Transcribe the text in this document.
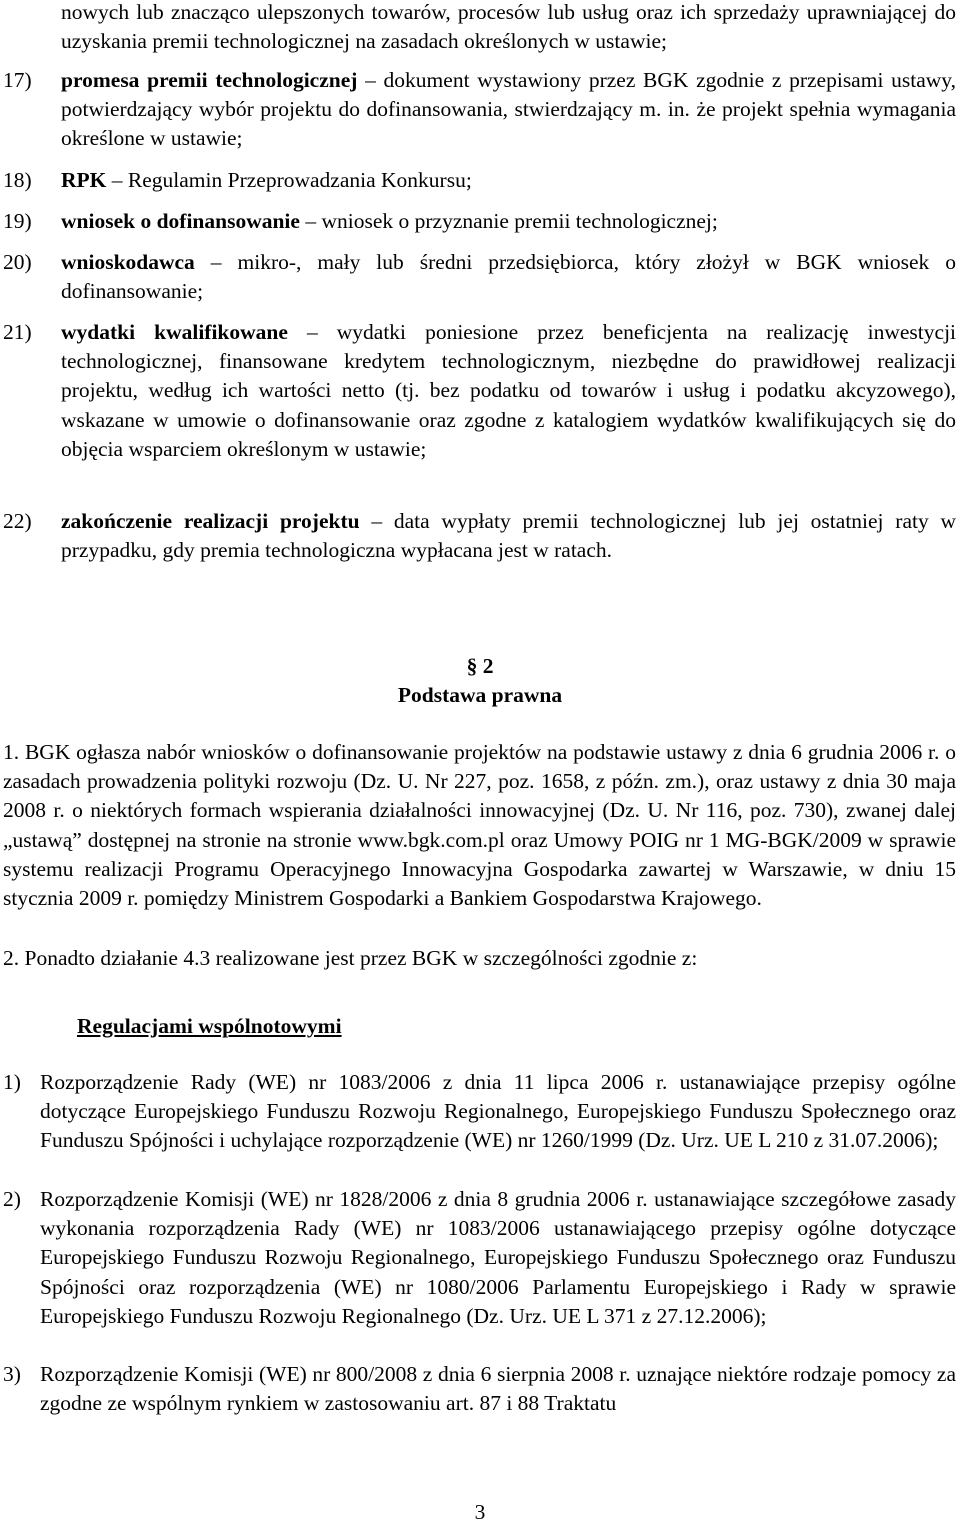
nowych lub znacząco ulepszonych towarów, procesów lub usług oraz ich sprzedaży uprawniającej do uzyskania premii technologicznej na zasadach określonych w ustawie;
17) promesa premii technologicznej – dokument wystawiony przez BGK zgodnie z przepisami ustawy, potwierdzający wybór projektu do dofinansowania, stwierdzający m. in. że projekt spełnia wymagania określone w ustawie;
18) RPK – Regulamin Przeprowadzania Konkursu;
19) wniosek o dofinansowanie – wniosek o przyznanie premii technologicznej;
20) wnioskodawca – mikro-, mały lub średni przedsiębiorca, który złożył w BGK wniosek o dofinansowanie;
21) wydatki kwalifikowane – wydatki poniesione przez beneficjenta na realizację inwestycji technologicznej, finansowane kredytem technologicznym, niezbędne do prawidłowej realizacji projektu, według ich wartości netto (tj. bez podatku od towarów i usług i podatku akcyzowego), wskazane w umowie o dofinansowanie oraz zgodne z katalogiem wydatków kwalifikujących się do objęcia wsparciem określonym w ustawie;
22) zakończenie realizacji projektu – data wypłaty premii technologicznej lub jej ostatniej raty w przypadku, gdy premia technologiczna wypłacana jest w ratach.
§ 2
Podstawa prawna
1. BGK ogłasza nabór wniosków o dofinansowanie projektów na podstawie ustawy z dnia 6 grudnia 2006 r. o zasadach prowadzenia polityki rozwoju (Dz. U. Nr 227, poz. 1658, z późn. zm.), oraz ustawy z dnia 30 maja 2008 r. o niektórych formach wspierania działalności innowacyjnej (Dz. U. Nr 116, poz. 730), zwanej dalej „ustawą” dostępnej na stronie na stronie www.bgk.com.pl oraz Umowy POIG nr 1 MG-BGK/2009 w sprawie systemu realizacji Programu Operacyjnego Innowacyjna Gospodarka zawartej w Warszawie, w dniu 15 stycznia 2009 r. pomiędzy Ministrem Gospodarki a Bankiem Gospodarstwa Krajowego.
2. Ponadto działanie 4.3 realizowane jest przez BGK w szczególności zgodnie z:
Regulacjami wspólnotowymi
1) Rozporządzenie Rady (WE) nr 1083/2006 z dnia 11 lipca 2006 r. ustanawiające przepisy ogólne dotyczące Europejskiego Funduszu Rozwoju Regionalnego, Europejskiego Funduszu Społecznego oraz Funduszu Spójności i uchylające rozporządzenie (WE) nr 1260/1999 (Dz. Urz. UE L 210 z 31.07.2006);
2) Rozporządzenie Komisji (WE) nr 1828/2006 z dnia 8 grudnia 2006 r. ustanawiające szczegółowe zasady wykonania rozporządzenia Rady (WE) nr 1083/2006 ustanawiającego przepisy ogólne dotyczące Europejskiego Funduszu Rozwoju Regionalnego, Europejskiego Funduszu Społecznego oraz Funduszu Spójności oraz rozporządzenia (WE) nr 1080/2006 Parlamentu Europejskiego i Rady w sprawie Europejskiego Funduszu Rozwoju Regionalnego (Dz. Urz. UE L 371 z 27.12.2006);
3) Rozporządzenie Komisji (WE) nr 800/2008 z dnia 6 sierpnia 2008 r. uznające niektóre rodzaje pomocy za zgodne ze wspólnym rynkiem w zastosowaniu art. 87 i 88 Traktatu
3
